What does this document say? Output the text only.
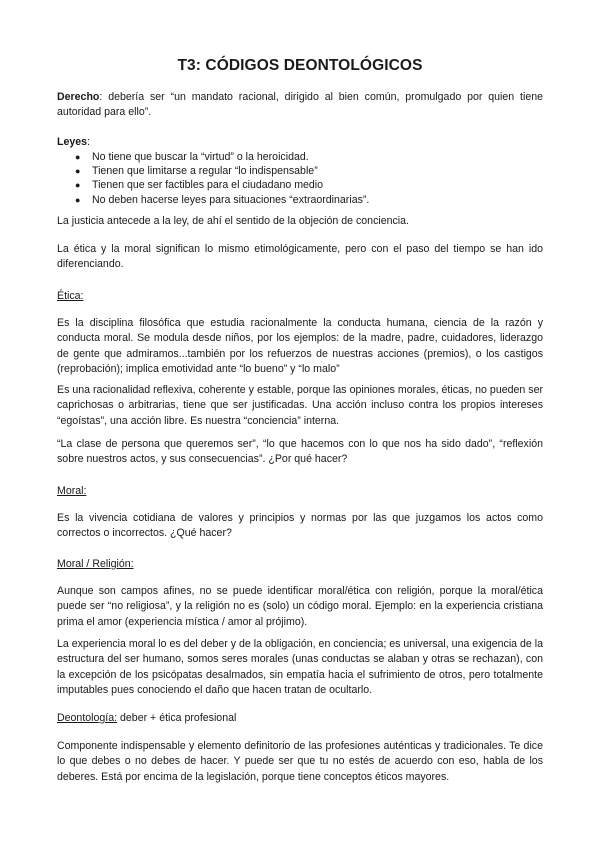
T3: CÓDIGOS DEONTOLÓGICOS
Derecho: debería ser “un mandato racional, dirigido al bien común, promulgado por quien tiene autoridad para ello”.
Leyes:
● No tiene que buscar la “virtud” o la heroicidad.
● Tienen que limitarse a regular “lo indispensable”
● Tienen que ser factibles para el ciudadano medio
● No deben hacerse leyes para situaciones “extraordinarias”.
La justicia antecede a la ley, de ahí el sentido de la objeción de conciencia.
La ética y la moral significan lo mismo etimológicamente, pero con el paso del tiempo se han ido diferenciando.
Ética:
Es la disciplina filosófica que estudia racionalmente la conducta humana, ciencia de la razón y conducta moral. Se modula desde niños, por los ejemplos: de la madre, padre, cuidadores, liderazgo de gente que admiramos...también por los refuerzos de nuestras acciones (premios), o los castigos (reprobación); implica emotividad ante “lo bueno” y “lo malo”
Es una racionalidad reflexiva, coherente y estable, porque las opiniones morales, éticas, no pueden ser caprichosas o arbitrarias, tiene que ser justificadas. Una acción incluso contra los propios intereses “egoístas”, una acción libre. Es nuestra “conciencia” interna.
“La clase de persona que queremos ser”, “lo que hacemos con lo que nos ha sido dado”, “reflexión sobre nuestros actos, y sus consecuencias”. ¿Por qué hacer?
Moral:
Es la vivencia cotidiana de valores y principios y normas por las que juzgamos los actos como correctos o incorrectos. ¿Qué hacer?
Moral / Religión:
Aunque son campos afines, no se puede identificar moral/ética con religión, porque la moral/ética puede ser “no religiosa”, y la religión no es (solo) un código moral. Ejemplo: en la experiencia cristiana prima el amor (experiencia mística / amor al prójimo).
La experiencia moral lo es del deber y de la obligación, en conciencia; es universal, una exigencia de la estructura del ser humano, somos seres morales (unas conductas se alaban y otras se rechazan), con la excepción de los psicópatas desalmados, sin empatía hacia el sufrimiento de otros, pero totalmente imputables pues conociendo el daño que hacen tratan de ocultarlo.
Deontología: deber + ética profesional
Componente indispensable y elemento definitorio de las profesiones auténticas y tradicionales. Te dice lo que debes o no debes de hacer. Y puede ser que tu no estés de acuerdo con eso, habla de los deberes. Está por encima de la legislación, porque tiene conceptos éticos mayores.
